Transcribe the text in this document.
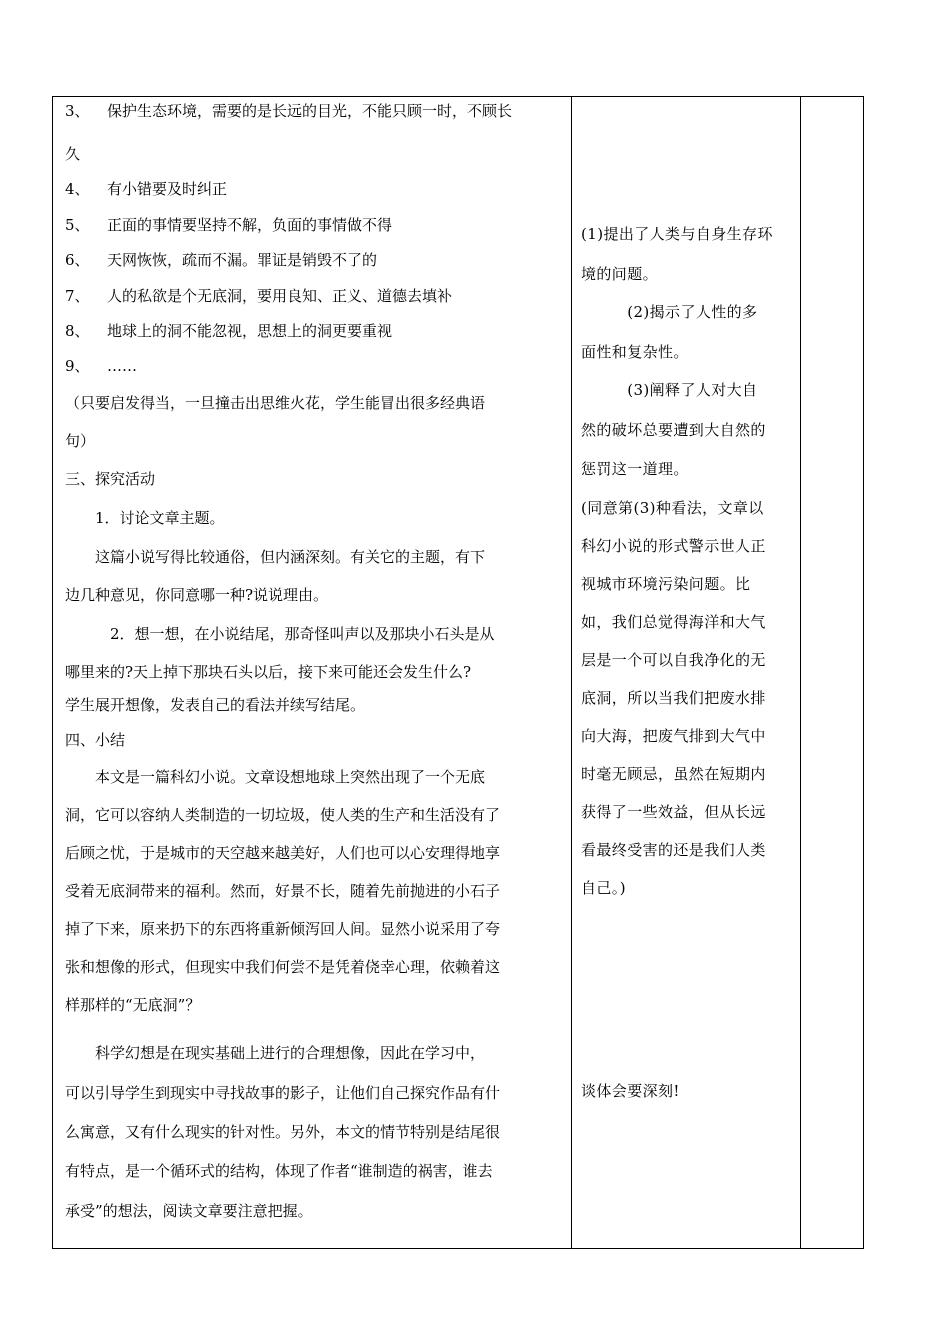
3、 保护生态环境，需要的是长远的目光，不能只顾一时，不顾长
久
4、 有小错要及时纠正
5、 正面的事情要坚持不解，负面的事情做不得
6、 天网恢恢，疏而不漏。罪证是销毁不了的
7、 人的私欲是个无底洞，要用良知、正义、道德去填补
8、 地球上的洞不能忽视，思想上的洞更要重视
9、 ……
（只要启发得当，一旦撞击出思维火花，学生能冒出很多经典语
句）
三、探究活动
　　1．讨论文章主题。
　　这篇小说写得比较通俗，但内涵深刻。有关它的主题，有下
边几种意见，你同意哪一种?说说理由。
　　　2．想一想，在小说结尾，那奇怪叫声以及那块小石头是从
哪里来的?天上掉下那块石头以后，接下来可能还会发生什么?
学生展开想像，发表自己的看法并续写结尾。
四、小结
　　本文是一篇科幻小说。文章设想地球上突然出现了一个无底
洞，它可以容纳人类制造的一切垃圾，使人类的生产和生活没有了
后顾之忧，于是城市的天空越来越美好，人们也可以心安理得地享
受着无底洞带来的福利。然而，好景不长，随着先前抛进的小石子
掉了下来，原来扔下的东西将重新倾泻回人间。显然小说采用了夸
张和想像的形式，但现实中我们何尝不是凭着侥幸心理，依赖着这
样那样的“无底洞”？
　　科学幻想是在现实基础上进行的合理想像，因此在学习中，
可以引导学生到现实中寻找故事的影子，让他们自己探究作品有什
么寓意，又有什么现实的针对性。另外，本文的情节特别是结尾很
有特点，是一个循环式的结构，体现了作者“谁制造的祸害，谁去
承受”的想法，阅读文章要注意把握。
(1)提出了人类与自身生存环
境的问题。
　　　(2)揭示了人性的多
面性和复杂性。
　　　(3)阐释了人对大自
然的破坏总要遭到大自然的
惩罚这一道理。
(同意第(3)种看法，文章以
科幻小说的形式警示世人正
视城市环境污染问题。比
如，我们总觉得海洋和大气
层是一个可以自我净化的无
底洞，所以当我们把废水排
向大海，把废气排到大气中
时毫无顾忌，虽然在短期内
获得了一些效益，但从长远
看最终受害的还是我们人类
自己。)
谈体会要深刻!
